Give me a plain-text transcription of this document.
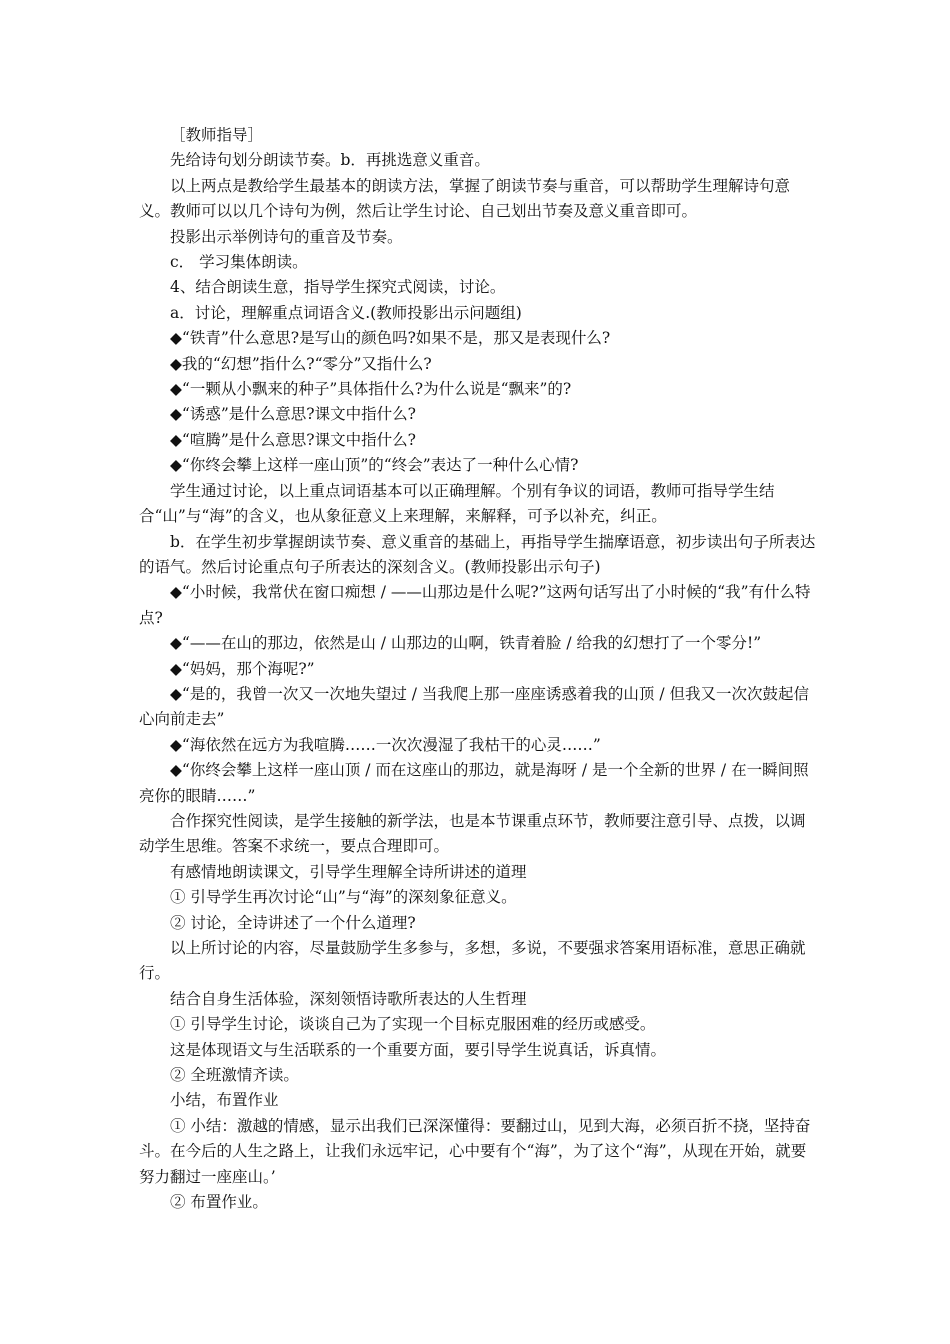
［教师指导］

先给诗句划分朗读节奏。b．再挑选意义重音。

以上两点是教给学生最基本的朗读方法，掌握了朗读节奏与重音，可以帮助学生理解诗句意义。教师可以以几个诗句为例，然后让学生讨论、自己划出节奏及意义重音即可。

投影出示举例诗句的重音及节奏。

c． 学习集体朗读。

4、结合朗读生意，指导学生探究式阅读，讨论。

a．讨论，理解重点词语含义.(教师投影出示问题组)

◆“铁青”什么意思?是写山的颜色吗?如果不是，那又是表现什么?

◆我的“幻想”指什么?“零分”又指什么?

◆“一颗从小飘来的种子”具体指什么?为什么说是“飘来”的?

◆“诱惑”是什么意思?课文中指什么?

◆“喧腾”是什么意思?课文中指什么?

◆“你终会攀上这样一座山顶”的“终会”表达了一种什么心情?

学生通过讨论，以上重点词语基本可以正确理解。个别有争议的词语，教师可指导学生结合“山”与“海”的含义，也从象征意义上来理解，来解释，可予以补充，纠正。

b．在学生初步掌握朗读节奏、意义重音的基础上，再指导学生揣摩语意，初步读出句子所表达的语气。然后讨论重点句子所表达的深刻含义。(教师投影出示句子)

◆“小时候，我常伏在窗口痴想 / ——山那边是什么呢?”这两句话写出了小时候的“我”有什么特点?

◆“——在山的那边，依然是山 / 山那边的山啊，铁青着脸 / 给我的幻想打了一个零分!”

◆“妈妈，那个海呢?”

◆“是的，我曾一次又一次地失望过 / 当我爬上那一座座诱惑着我的山顶 / 但我又一次次鼓起信心向前走去”

◆“海依然在远方为我喧腾……一次次漫湿了我枯干的心灵……”

◆“你终会攀上这样一座山顶 / 而在这座山的那边，就是海呀 / 是一个全新的世界 / 在一瞬间照亮你的眼睛……”

合作探究性阅读，是学生接触的新学法，也是本节课重点环节，教师要注意引导、点拨，以调动学生思维。答案不求统一，要点合理即可。

有感情地朗读课文，引导学生理解全诗所讲述的道理

① 引导学生再次讨论“山”与“海”的深刻象征意义。

② 讨论，全诗讲述了一个什么道理?

以上所讨论的内容，尽量鼓励学生多参与，多想，多说，不要强求答案用语标准，意思正确就行。

结合自身生活体验，深刻领悟诗歌所表达的人生哲理

① 引导学生讨论，谈谈自己为了实现一个目标克服困难的经历或感受。

这是体现语文与生活联系的一个重要方面，要引导学生说真话，诉真情。

② 全班激情齐读。

小结，布置作业

① 小结：激越的情感，显示出我们已深深懂得：要翻过山，见到大海，必须百折不挠，坚持奋斗。在今后的人生之路上，让我们永远牢记，心中要有个“海”，为了这个“海”，从现在开始，就要努力翻过一座座山。’

② 布置作业。
